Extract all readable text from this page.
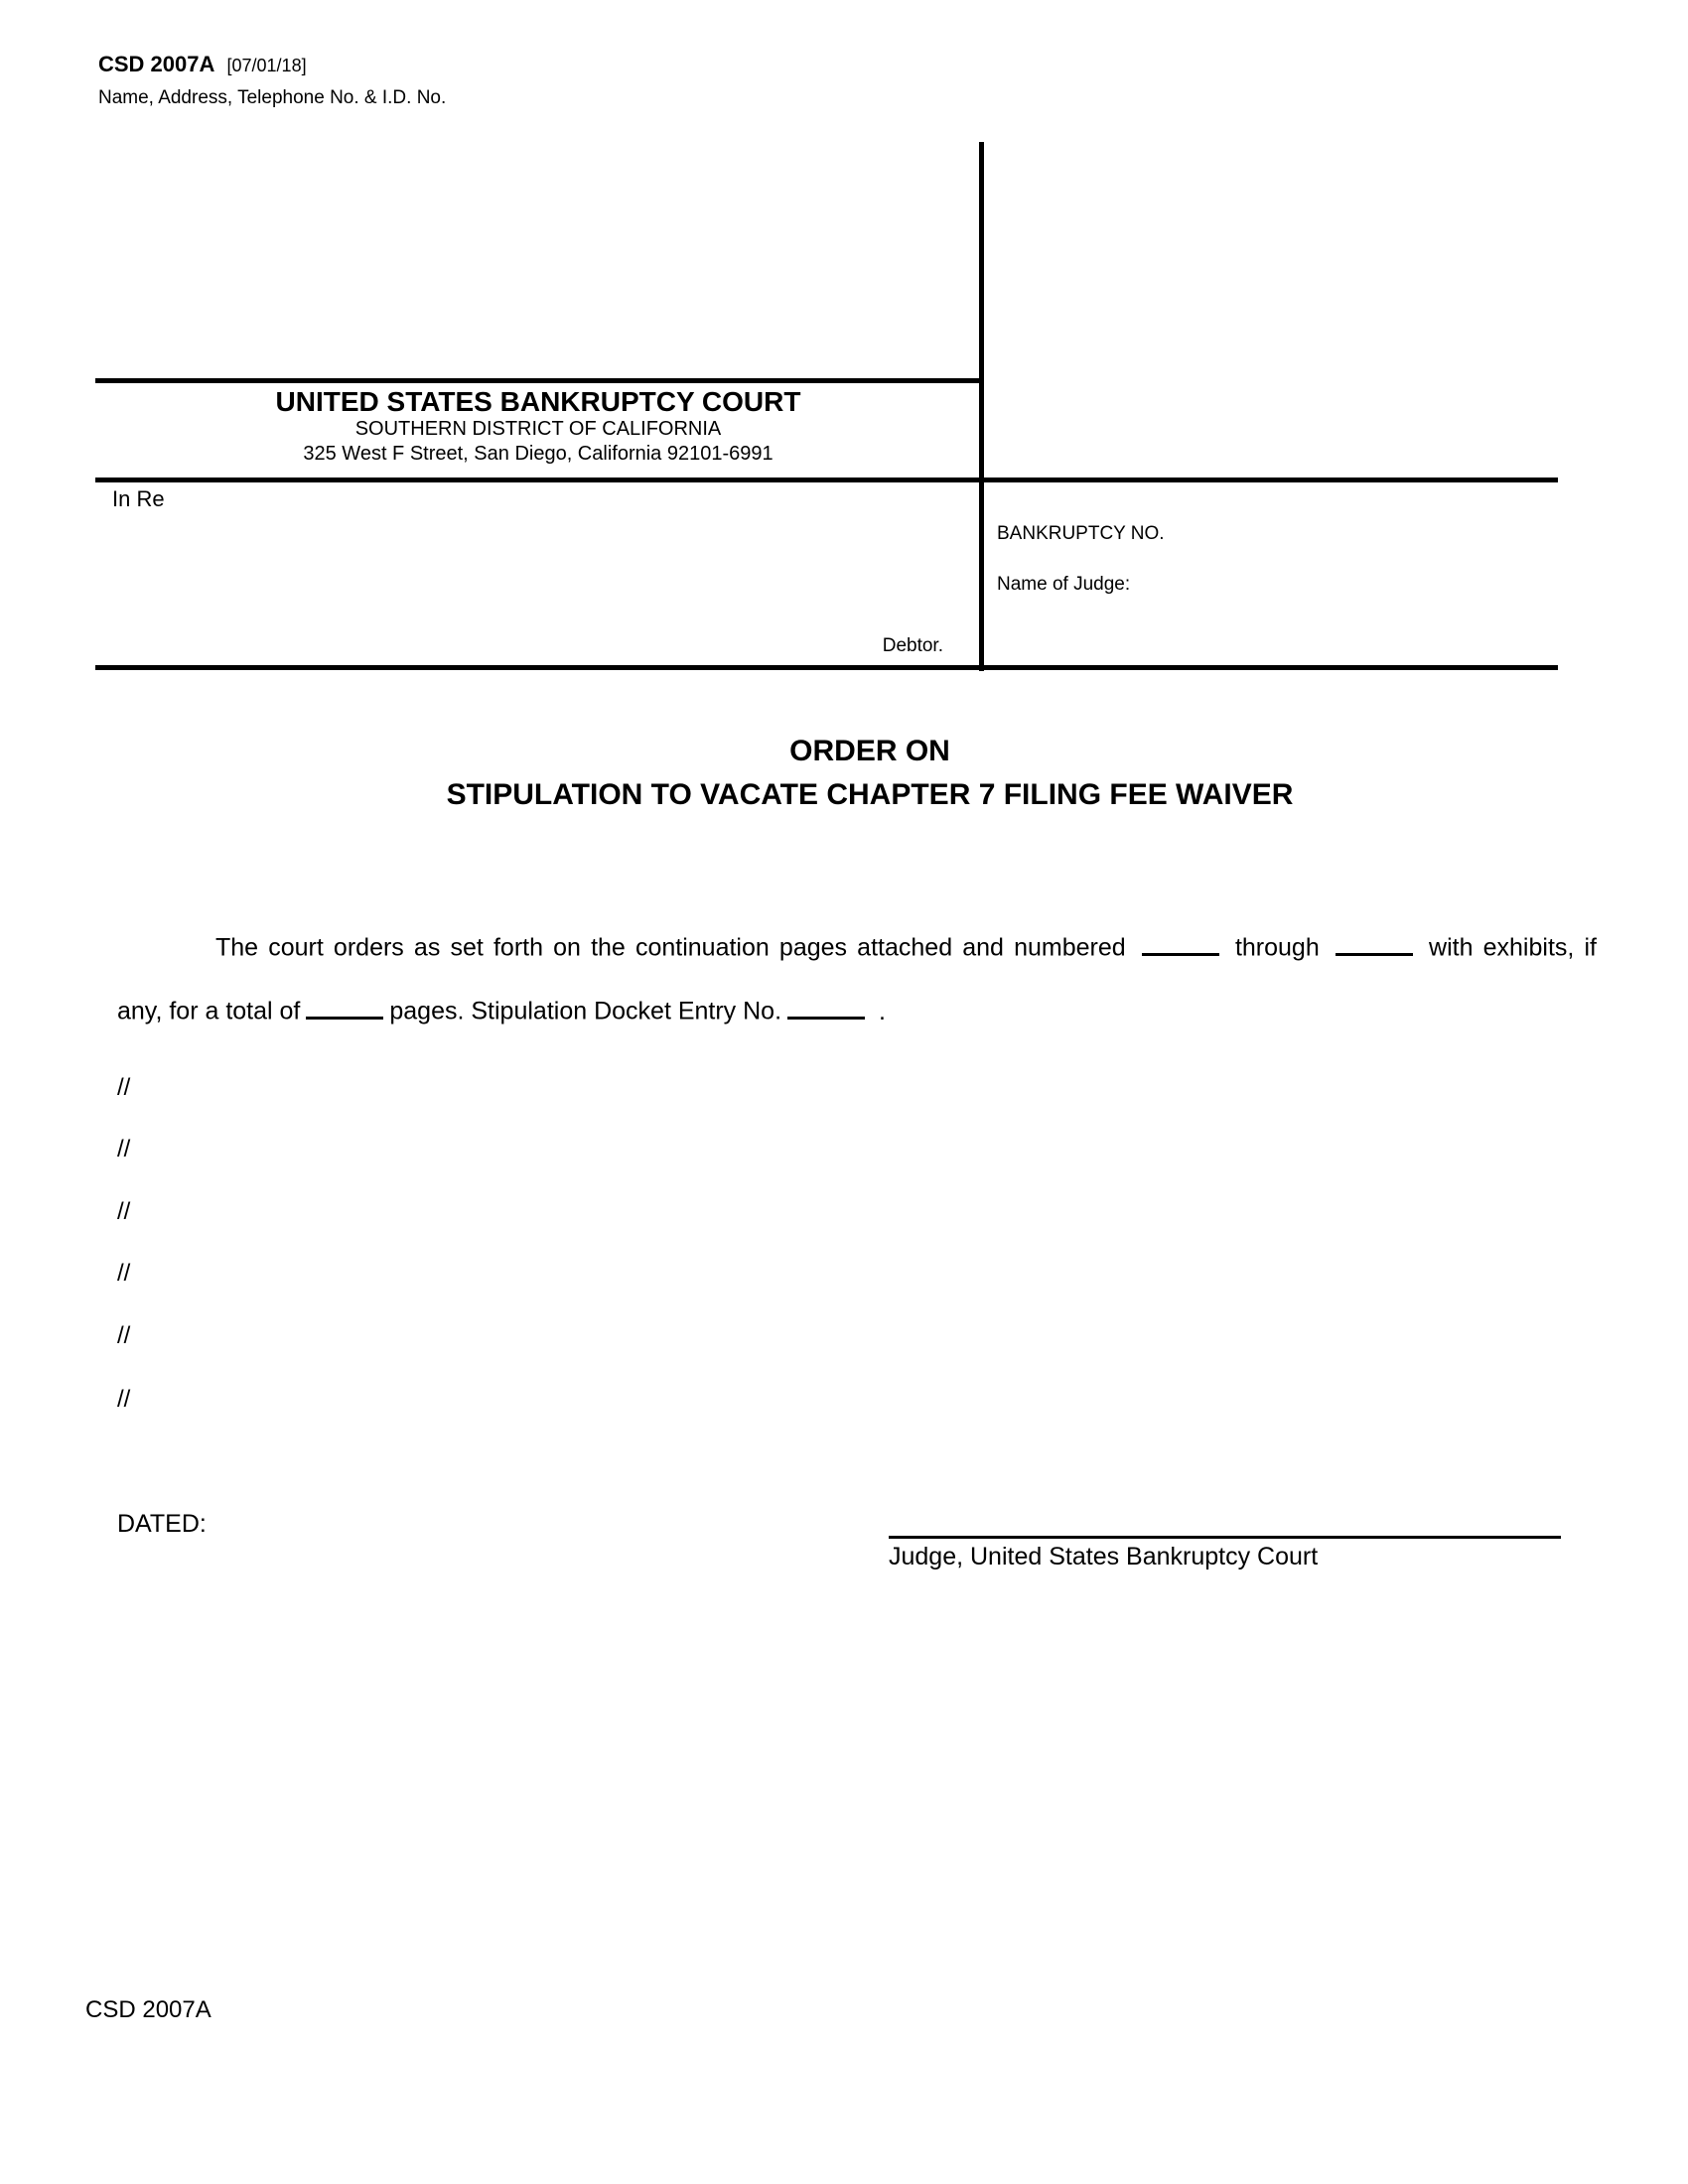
CSD 2007A [07/01/18]
Name, Address, Telephone No. & I.D. No.
UNITED STATES BANKRUPTCY COURT
SOUTHERN DISTRICT OF CALIFORNIA
325 West F Street, San Diego, California 92101-6991
In Re
Debtor.
BANKRUPTCY NO.
Name of Judge:
ORDER ON
STIPULATION TO VACATE CHAPTER 7 FILING FEE WAIVER
The court orders as set forth on the continuation pages attached and numbered	through	with exhibits, if
any, for a total of	pages. Stipulation Docket Entry No.	.
//
//
//
//
//
//
DATED:
Judge, United States Bankruptcy Court
CSD 2007A
